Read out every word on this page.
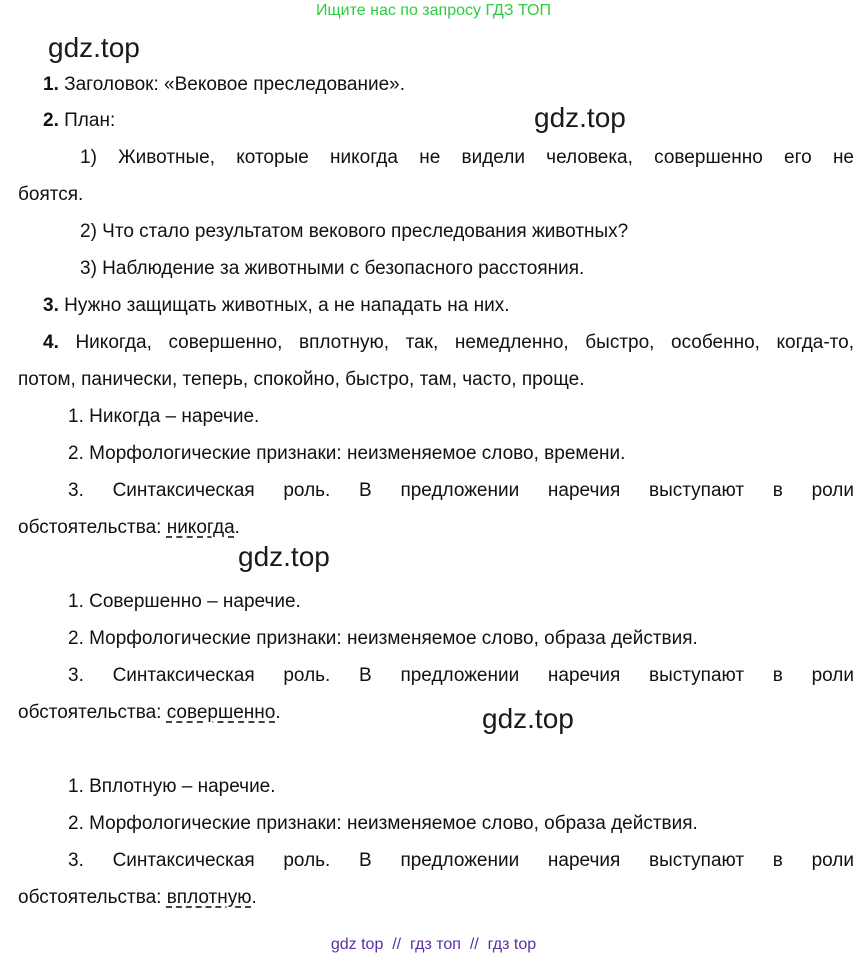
Ищите нас по запросу ГДЗ ТОП
gdz.top
gdz.top
gdz.top
gdz.top
1. Заголовок: «Вековое преследование».
2. План:
1) Животные, которые никогда не видели человека, совершенно его не
боятся.
2) Что стало результатом векового преследования животных?
3) Наблюдение за животными с безопасного расстояния.
3. Нужно защищать животных, а не нападать на них.
4. Никогда, совершенно, вплотную, так, немедленно, быстро, особенно, когда-то,
потом, панически, теперь, спокойно, быстро, там, часто, проще.
1. Никогда – наречие.
2. Морфологические признаки: неизменяемое слово, времени.
3. Синтаксическая роль. В предложении наречия выступают в роли
обстоятельства: никогда.
1. Совершенно – наречие.
2. Морфологические признаки: неизменяемое слово, образа действия.
3. Синтаксическая роль. В предложении наречия выступают в роли
обстоятельства: совершенно.
1. Вплотную – наречие.
2. Морфологические признаки: неизменяемое слово, образа действия.
3. Синтаксическая роль. В предложении наречия выступают в роли
обстоятельства: вплотную.
gdz top // гдз топ // гдз top
